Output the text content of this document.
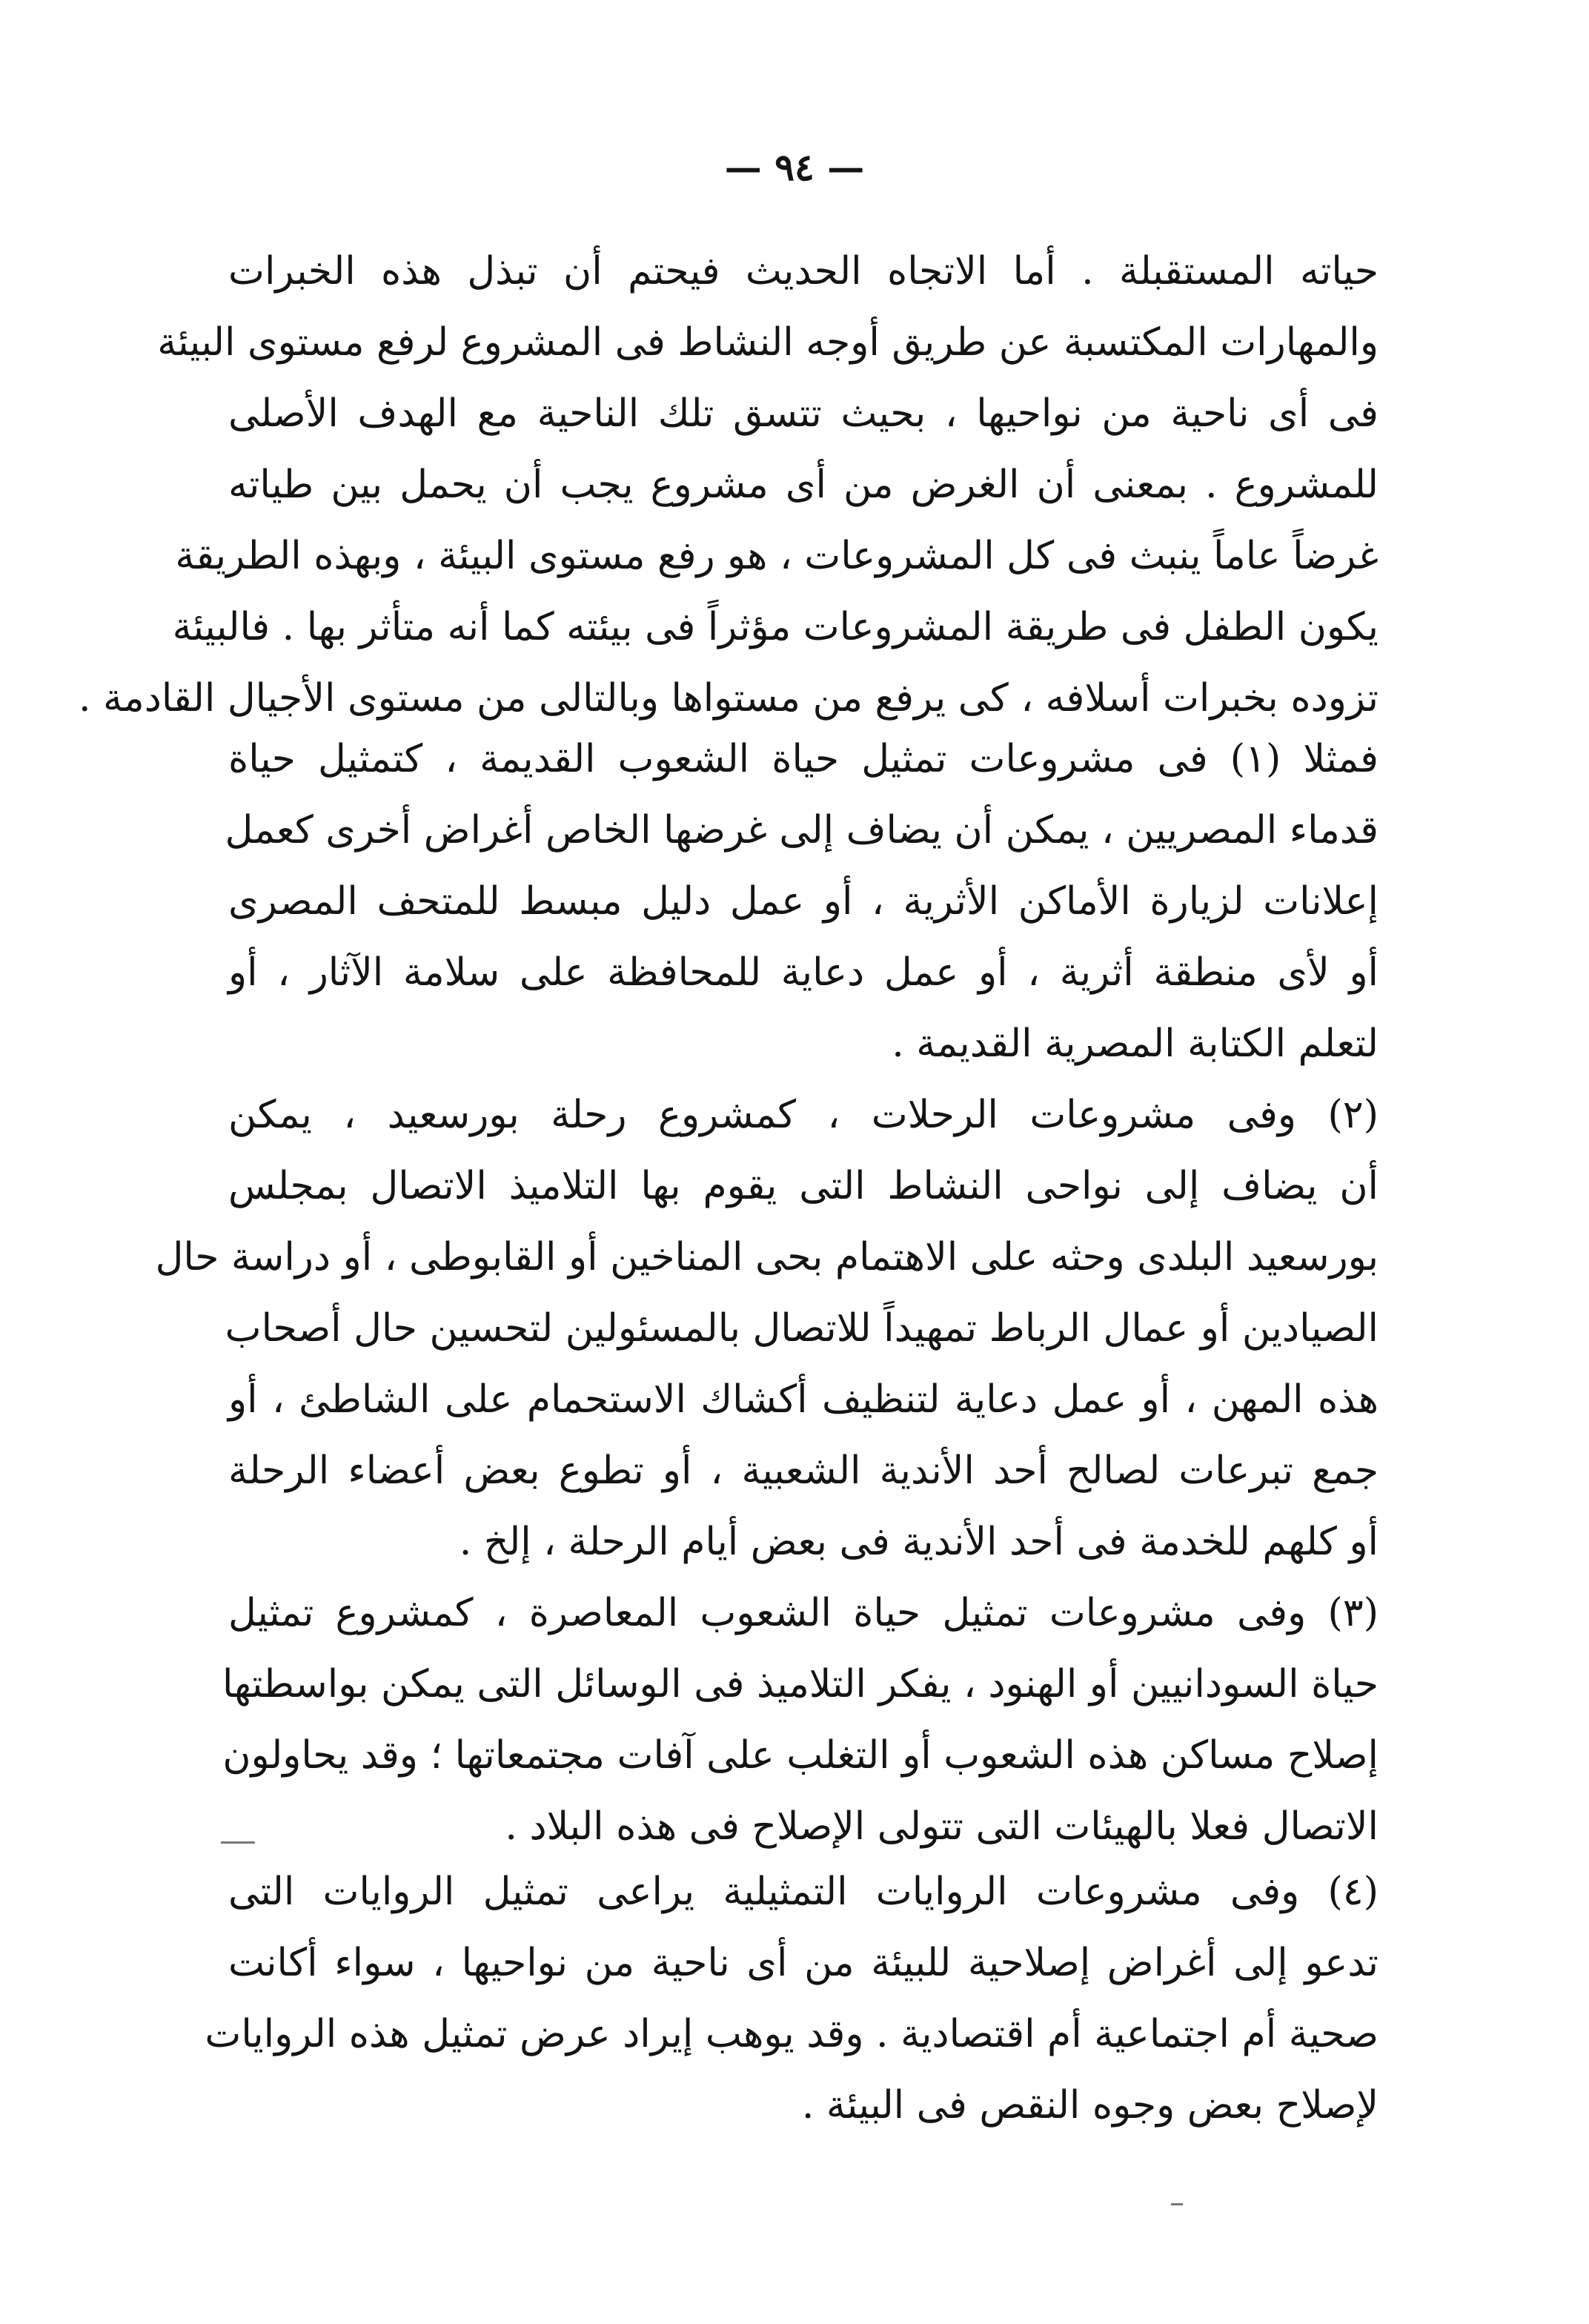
— ٩٤ —
حياته المستقبلة . أما الاتجاه الحديث فيحتم أن تبذل هذه الخبرات
والمهارات المكتسبة عن طريق أوجه النشاط فى المشروع لرفع مستوى البيئة
فى أى ناحية من نواحيها ، بحيث تتسق تلك الناحية مع الهدف الأصلى
للمشروع . بمعنى أن الغرض من أى مشروع يجب أن يحمل بين طياته
غرضاً عاماً ينبث فى كل المشروعات ، هو رفع مستوى البيئة ، وبهذه الطريقة
يكون الطفل فى طريقة المشروعات مؤثراً فى بيئته كما أنه متأثر بها . فالبيئة
تزوده بخبرات أسلافه ، كى يرفع من مستواها وبالتالى من مستوى الأجيال القادمة .
فمثلا (١) فى مشروعات تمثيل حياة الشعوب القديمة ، كتمثيل حياة
قدماء المصريين ، يمكن أن يضاف إلى غرضها الخاص أغراض أخرى كعمل
إعلانات لزيارة الأماكن الأثرية ، أو عمل دليل مبسط للمتحف المصرى
أو لأى منطقة أثرية ، أو عمل دعاية للمحافظة على سلامة الآثار ، أو
لتعلم الكتابة المصرية القديمة .
(٢) وفى مشروعات الرحلات ، كمشروع رحلة بورسعيد ، يمكن
أن يضاف إلى نواحى النشاط التى يقوم بها التلاميذ الاتصال بمجلس
بورسعيد البلدى وحثه على الاهتمام بحى المناخين أو القابوطى ، أو دراسة حال
الصيادين أو عمال الرباط تمهيداً للاتصال بالمسئولين لتحسين حال أصحاب
هذه المهن ، أو عمل دعاية لتنظيف أكشاك الاستحمام على الشاطئ ، أو
جمع تبرعات لصالح أحد الأندية الشعبية ، أو تطوع بعض أعضاء الرحلة
أو كلهم للخدمة فى أحد الأندية فى بعض أيام الرحلة ، إلخ .
(٣) وفى مشروعات تمثيل حياة الشعوب المعاصرة ، كمشروع تمثيل
حياة السودانيين أو الهنود ، يفكر التلاميذ فى الوسائل التى يمكن بواسطتها
إصلاح مساكن هذه الشعوب أو التغلب على آفات مجتمعاتها ؛ وقد يحاولون
الاتصال فعلا بالهيئات التى تتولى الإصلاح فى هذه البلاد .
(٤) وفى مشروعات الروايات التمثيلية يراعى تمثيل الروايات التى
تدعو إلى أغراض إصلاحية للبيئة من أى ناحية من نواحيها ، سواء أكانت
صحية أم اجتماعية أم اقتصادية . وقد يوهب إيراد عرض تمثيل هذه الروايات
لإصلاح بعض وجوه النقص فى البيئة .
